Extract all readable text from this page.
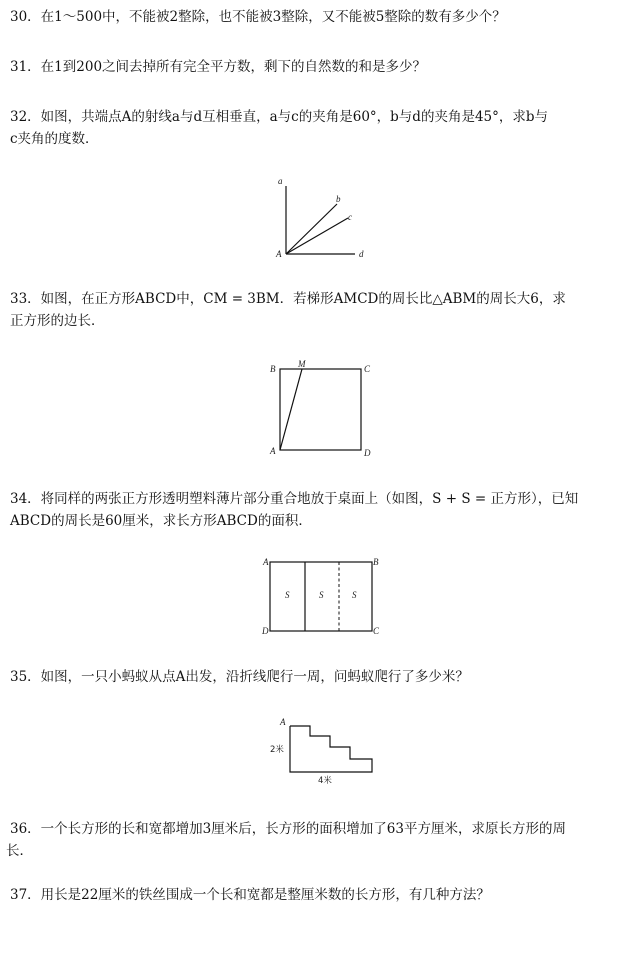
30．在1～500中，不能被2整除，也不能被3整除，又不能被5整除的数有多少个？
31．在1到200之间去掉所有完全平方数，剩下的自然数的和是多少？
32．如图，共端点A的射线a与d互相垂直，a与c的夹角是60°，b与d的夹角是45°，求b与
c夹角的度数．
a
b
c
d
A
33．如图，在正方形ABCD中，CM = 3BM．若梯形AMCD的周长比△ABM的周长大6，求
正方形的边长．
B	M	C
A	D
34．将同样的两张正方形透明塑料薄片部分重合地放于桌面上（如图，S + S = 正方形），已知
ABCD的周长是60厘米，求长方形ABCD的面积．
S	S	S
A	B
C
D
35．如图，一只小蚂蚁从点A出发，沿折线爬行一周，问蚂蚁爬行了多少米？
A
2米
4米
36．一个长方形的长和宽都增加3厘米后，长方形的面积增加了63平方厘米，求原长方形的周
长．
37．用长是22厘米的铁丝围成一个长和宽都是整厘米数的长方形，有几种方法？
